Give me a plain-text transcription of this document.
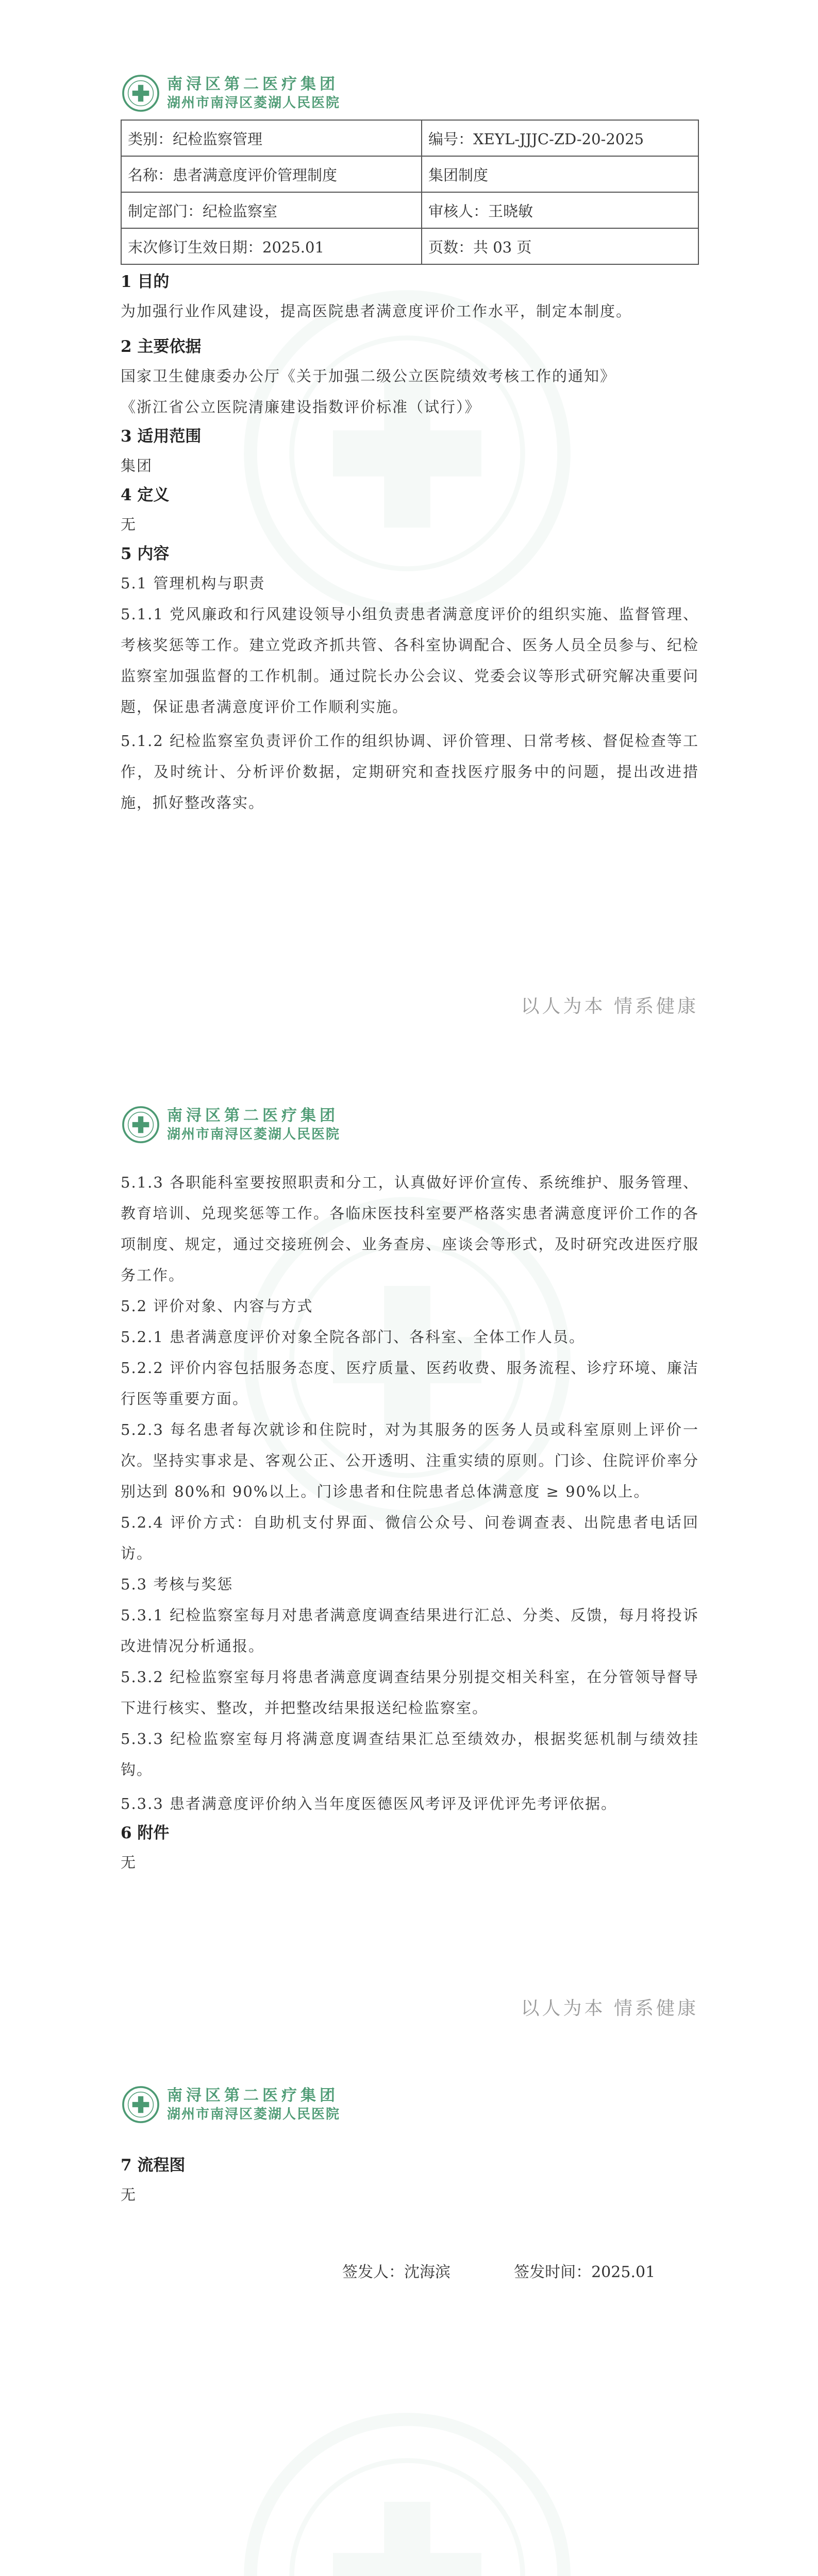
南浔区第二医疗集团
湖州市南浔区菱湖人民医院
类别：纪检监察管理	编号：XEYL-JJJC-ZD-20-2025
名称：患者满意度评价管理制度	集团制度
制定部门：纪检监察室	审核人：王晓敏
末次修订生效日期：2025.01	页数：共 03 页
1 目的
为加强行业作风建设，提高医院患者满意度评价工作水平，制定本制度。
2 主要依据
国家卫生健康委办公厅《关于加强二级公立医院绩效考核工作的通知》
《浙江省公立医院清廉建设指数评价标准（试行）》
3 适用范围
集团
4 定义
无
5 内容
5.1 管理机构与职责
5.1.1 党风廉政和行风建设领导小组负责患者满意度评价的组织实施、监督管理、考核奖惩等工作。建立党政齐抓共管、各科室协调配合、医务人员全员参与、纪检监察室加强监督的工作机制。通过院长办公会议、党委会议等形式研究解决重要问题，保证患者满意度评价工作顺利实施。
5.1.2 纪检监察室负责评价工作的组织协调、评价管理、日常考核、督促检查等工作，及时统计、分析评价数据，定期研究和查找医疗服务中的问题，提出改进措施，抓好整改落实。
以人为本 情系健康
南浔区第二医疗集团
湖州市南浔区菱湖人民医院
5.1.3 各职能科室要按照职责和分工，认真做好评价宣传、系统维护、服务管理、教育培训、兑现奖惩等工作。各临床医技科室要严格落实患者满意度评价工作的各项制度、规定，通过交接班例会、业务查房、座谈会等形式，及时研究改进医疗服务工作。
5.2 评价对象、内容与方式
5.2.1 患者满意度评价对象全院各部门、各科室、全体工作人员。
5.2.2 评价内容包括服务态度、医疗质量、医药收费、服务流程、诊疗环境、廉洁行医等重要方面。
5.2.3 每名患者每次就诊和住院时，对为其服务的医务人员或科室原则上评价一次。坚持实事求是、客观公正、公开透明、注重实绩的原则。门诊、住院评价率分别达到 80%和 90%以上。门诊患者和住院患者总体满意度 ≥ 90%以上。
5.2.4 评价方式：自助机支付界面、微信公众号、问卷调查表、出院患者电话回访。
5.3 考核与奖惩
5.3.1 纪检监察室每月对患者满意度调查结果进行汇总、分类、反馈，每月将投诉改进情况分析通报。
5.3.2 纪检监察室每月将患者满意度调查结果分别提交相关科室，在分管领导督导下进行核实、整改，并把整改结果报送纪检监察室。
5.3.3 纪检监察室每月将满意度调查结果汇总至绩效办，根据奖惩机制与绩效挂钩。
5.3.3 患者满意度评价纳入当年度医德医风考评及评优评先考评依据。
6 附件
无
以人为本 情系健康
南浔区第二医疗集团
湖州市南浔区菱湖人民医院
7 流程图
无
签发人：沈海滨	签发时间：2025.01
